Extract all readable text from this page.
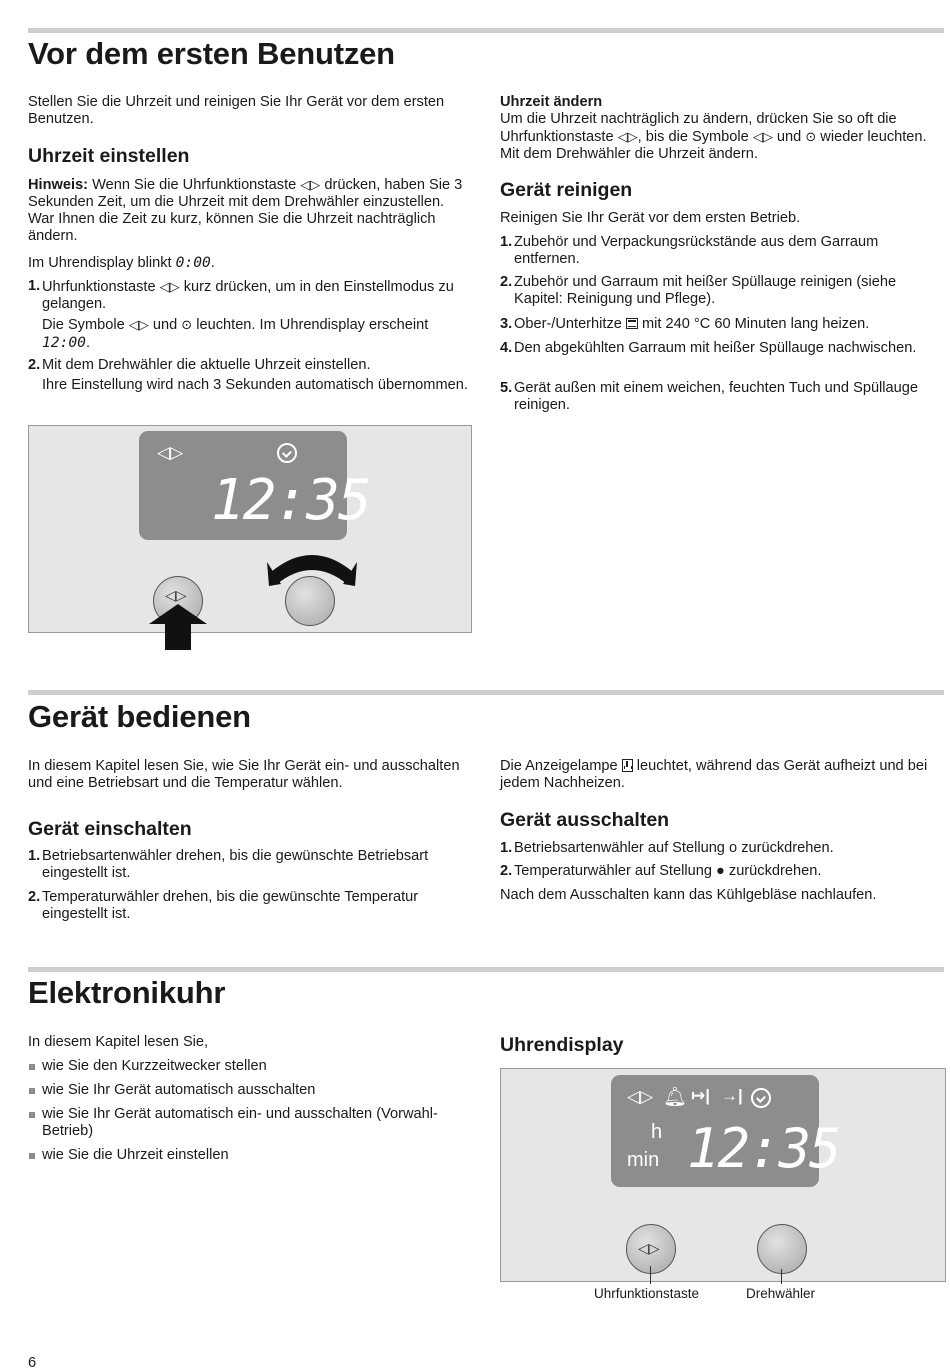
Vor dem ersten Benutzen
Stellen Sie die Uhrzeit und reinigen Sie Ihr Gerät vor dem ersten Benutzen.
Uhrzeit einstellen
Hinweis: Wenn Sie die Uhrfunktionstaste ◁▷ drücken, haben Sie 3 Sekunden Zeit, um die Uhrzeit mit dem Drehwähler einzustellen. War Ihnen die Zeit zu kurz, können Sie die Uhrzeit nachträglich ändern.
Im Uhrendisplay blinkt 0:00.
1. Uhrfunktionstaste ◁▷ kurz drücken, um in den Einstellmodus zu gelangen.
Die Symbole ◁▷ und ⊙ leuchten. Im Uhrendisplay erscheint 12:00.
2. Mit dem Drehwähler die aktuelle Uhrzeit einstellen.
Ihre Einstellung wird nach 3 Sekunden automatisch übernommen.
◁▷
12:35
◁▷
Uhrzeit ändern
Um die Uhrzeit nachträglich zu ändern, drücken Sie so oft die Uhrfunktionstaste ◁▷, bis die Symbole ◁▷ und ⊙ wieder leuchten. Mit dem Drehwähler die Uhrzeit ändern.
Gerät reinigen
Reinigen Sie Ihr Gerät vor dem ersten Betrieb.
1. Zubehör und Verpackungsrückstände aus dem Garraum entfernen.
2. Zubehör und Garraum mit heißer Spüllauge reinigen (siehe Kapitel: Reinigung und Pflege).
3. Ober-/Unterhitze mit 240 °C 60 Minuten lang heizen.
4. Den abgekühlten Garraum mit heißer Spüllauge nachwischen.
5. Gerät außen mit einem weichen, feuchten Tuch und Spüllauge reinigen.
Gerät bedienen
In diesem Kapitel lesen Sie, wie Sie Ihr Gerät ein- und ausschalten und eine Betriebsart und die Temperatur wählen.
Gerät einschalten
1. Betriebsartenwähler drehen, bis die gewünschte Betriebsart eingestellt ist.
2. Temperaturwähler drehen, bis die gewünschte Temperatur eingestellt ist.
Die Anzeigelampe leuchtet, während das Gerät aufheizt und bei jedem Nachheizen.
Gerät ausschalten
1. Betriebsartenwähler auf Stellung o zurückdrehen.
2. Temperaturwähler auf Stellung ● zurückdrehen.
Nach dem Ausschalten kann das Kühlgebläse nachlaufen.
Elektronikuhr
In diesem Kapitel lesen Sie,
wie Sie den Kurzzeitwecker stellen
wie Sie Ihr Gerät automatisch ausschalten
wie Sie Ihr Gerät automatisch ein- und ausschalten (Vorwahl-Betrieb)
wie Sie die Uhrzeit einstellen
Uhrendisplay
◁▷ 🔔︎ ↦| →|
h
min 12:35
◁▷
Uhrfunktionstaste	Drehwähler
6
